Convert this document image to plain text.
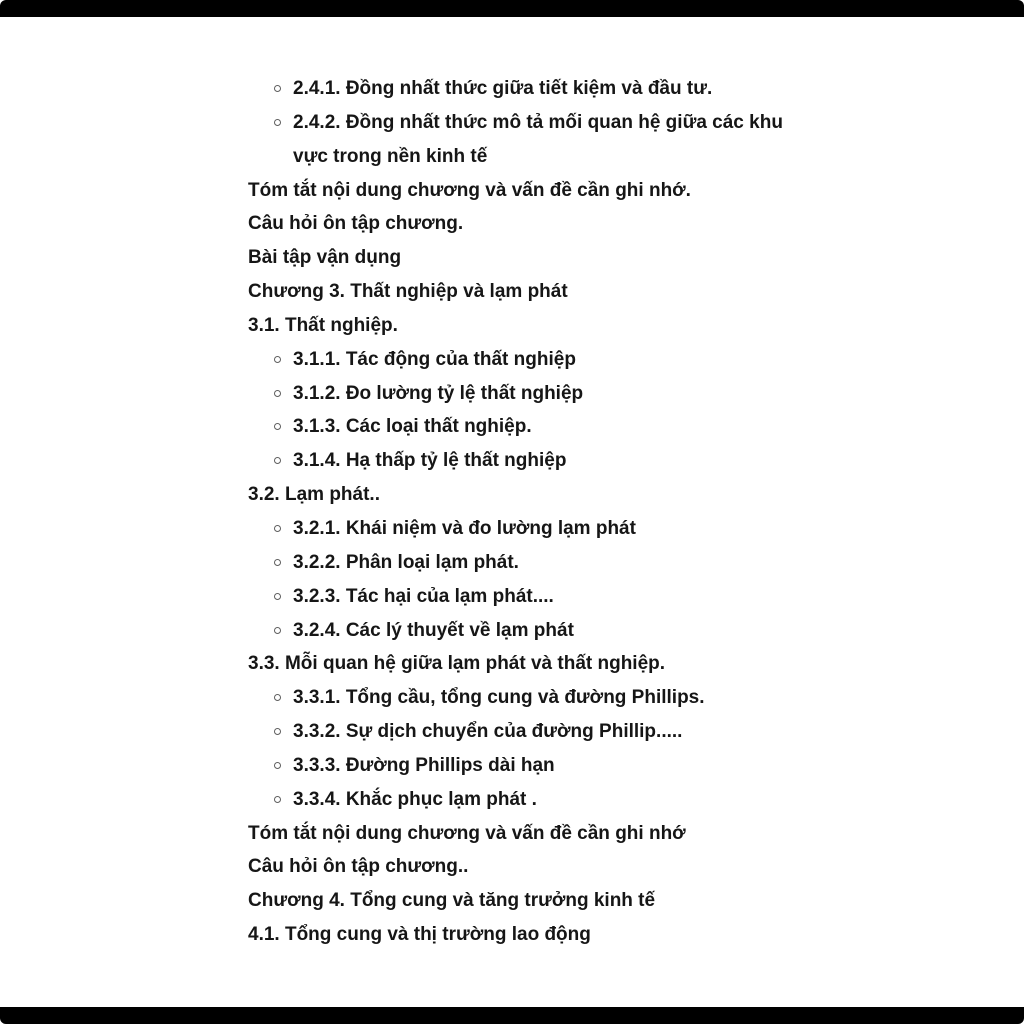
2.4.1. Đồng nhất thức giữa tiết kiệm và đầu tư.
2.4.2. Đồng nhất thức mô tả mối quan hệ giữa các khu vực trong nền kinh tế
Tóm tắt nội dung chương và vấn đề cần ghi nhớ.
Câu hỏi ôn tập chương.
Bài tập vận dụng
Chương 3. Thất nghiệp và lạm phát
3.1. Thất nghiệp.
3.1.1. Tác động của thất nghiệp
3.1.2. Đo lường tỷ lệ thất nghiệp
3.1.3. Các loại thất nghiệp.
3.1.4. Hạ thấp tỷ lệ thất nghiệp
3.2. Lạm phát..
3.2.1. Khái niệm và đo lường lạm phát
3.2.2. Phân loại lạm phát.
3.2.3. Tác hại của lạm phát....
3.2.4. Các lý thuyết về lạm phát
3.3. Mỗi quan hệ giữa lạm phát và thất nghiệp.
3.3.1. Tổng cầu, tổng cung và đường Phillips.
3.3.2. Sự dịch chuyển của đường Phillip.....
3.3.3. Đường Phillips dài hạn
3.3.4. Khắc phục lạm phát .
Tóm tắt nội dung chương và vấn đề cần ghi nhớ
Câu hỏi ôn tập chương..
Chương 4. Tổng cung và tăng trưởng kinh tế
4.1. Tổng cung và thị trường lao động
